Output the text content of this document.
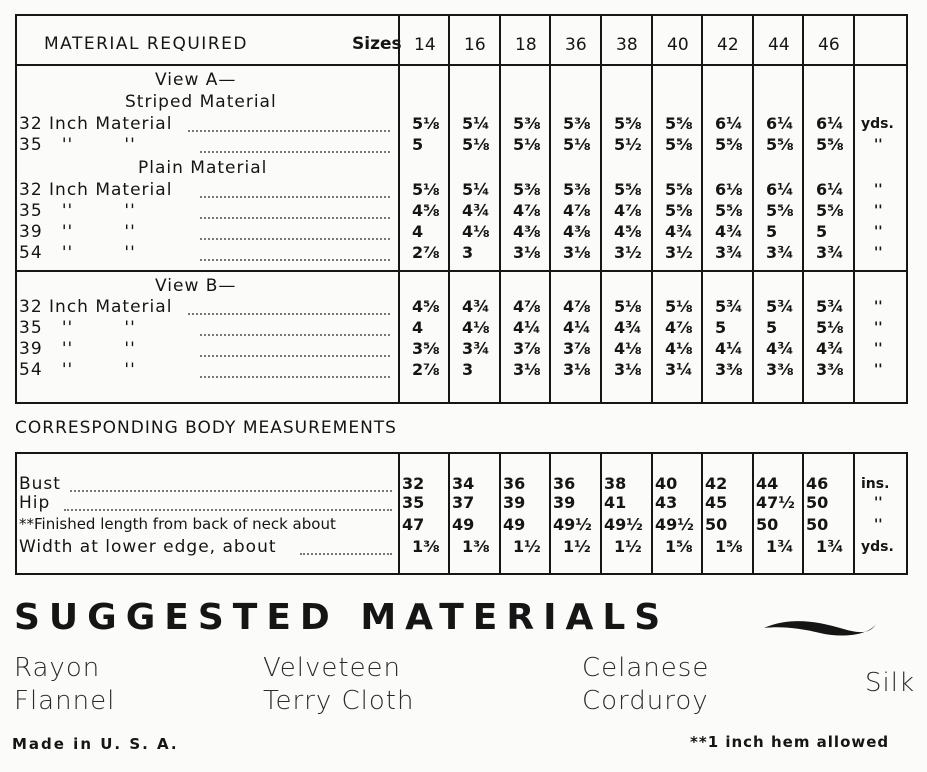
MATERIAL REQUIRED	Sizes 14 16 18 36 38 40 42 44 46
View A—
Striped Material
Plain Material
View B—
32 Inch Material	5⅛ 5¼ 5⅜ 5⅜ 5⅝ 5⅝ 6¼ 6¼ 6¼ yds.
35   ''        ''	5 5⅛ 5⅛ 5⅛ 5½ 5⅝ 5⅝ 5⅝ 5⅝ ''
32 Inch Material	5⅛ 5¼ 5⅜ 5⅜ 5⅝ 5⅝ 6⅛ 6¼ 6¼ ''
35   ''        ''	4⅝ 4¾ 4⅞ 4⅞ 4⅞ 5⅝ 5⅝ 5⅝ 5⅝ ''
39   ''        ''	4 4⅛ 4⅜ 4⅜ 4⅝ 4¾ 4¾ 5 5	''
54   ''        ''	2⅞ 3 3⅛ 3⅛ 3½ 3½ 3¾ 3¾ 3¾ ''
32 Inch Material	4⅝ 4¾ 4⅞ 4⅞ 5⅛ 5⅛ 5¾ 5¾ 5¾ ''
35   ''        ''	4 4⅛ 4¼ 4¼ 4¾ 4⅞ 5 5 5⅛ ''
39   ''        ''	3⅝ 3¾ 3⅞ 3⅞ 4⅛ 4⅛ 4¼ 4¾ 4¾ ''
54   ''        ''	2⅞ 3 3⅛ 3⅛ 3⅛ 3¼ 3⅜ 3⅜ 3⅜ ''
CORRESPONDING BODY MEASUREMENTS
Bust	32 34 36 36 38 40 42 44 46 ins.
Hip	35 37 39 39 41 43 45 47½ 50	''
**Finished length from back of neck about	47 49 49 49½ 49½ 49½ 50 50 50	''
Width at lower edge, about	1⅜ 1⅜ 1½ 1½ 1½ 1⅝ 1⅝ 1¾ 1¾ yds.
SUGGESTED MATERIALS
Rayon
Flannel
Velveteen
Terry Cloth
Celanese
Corduroy
Silk
Made in U. S. A.	**1 inch hem allowed
